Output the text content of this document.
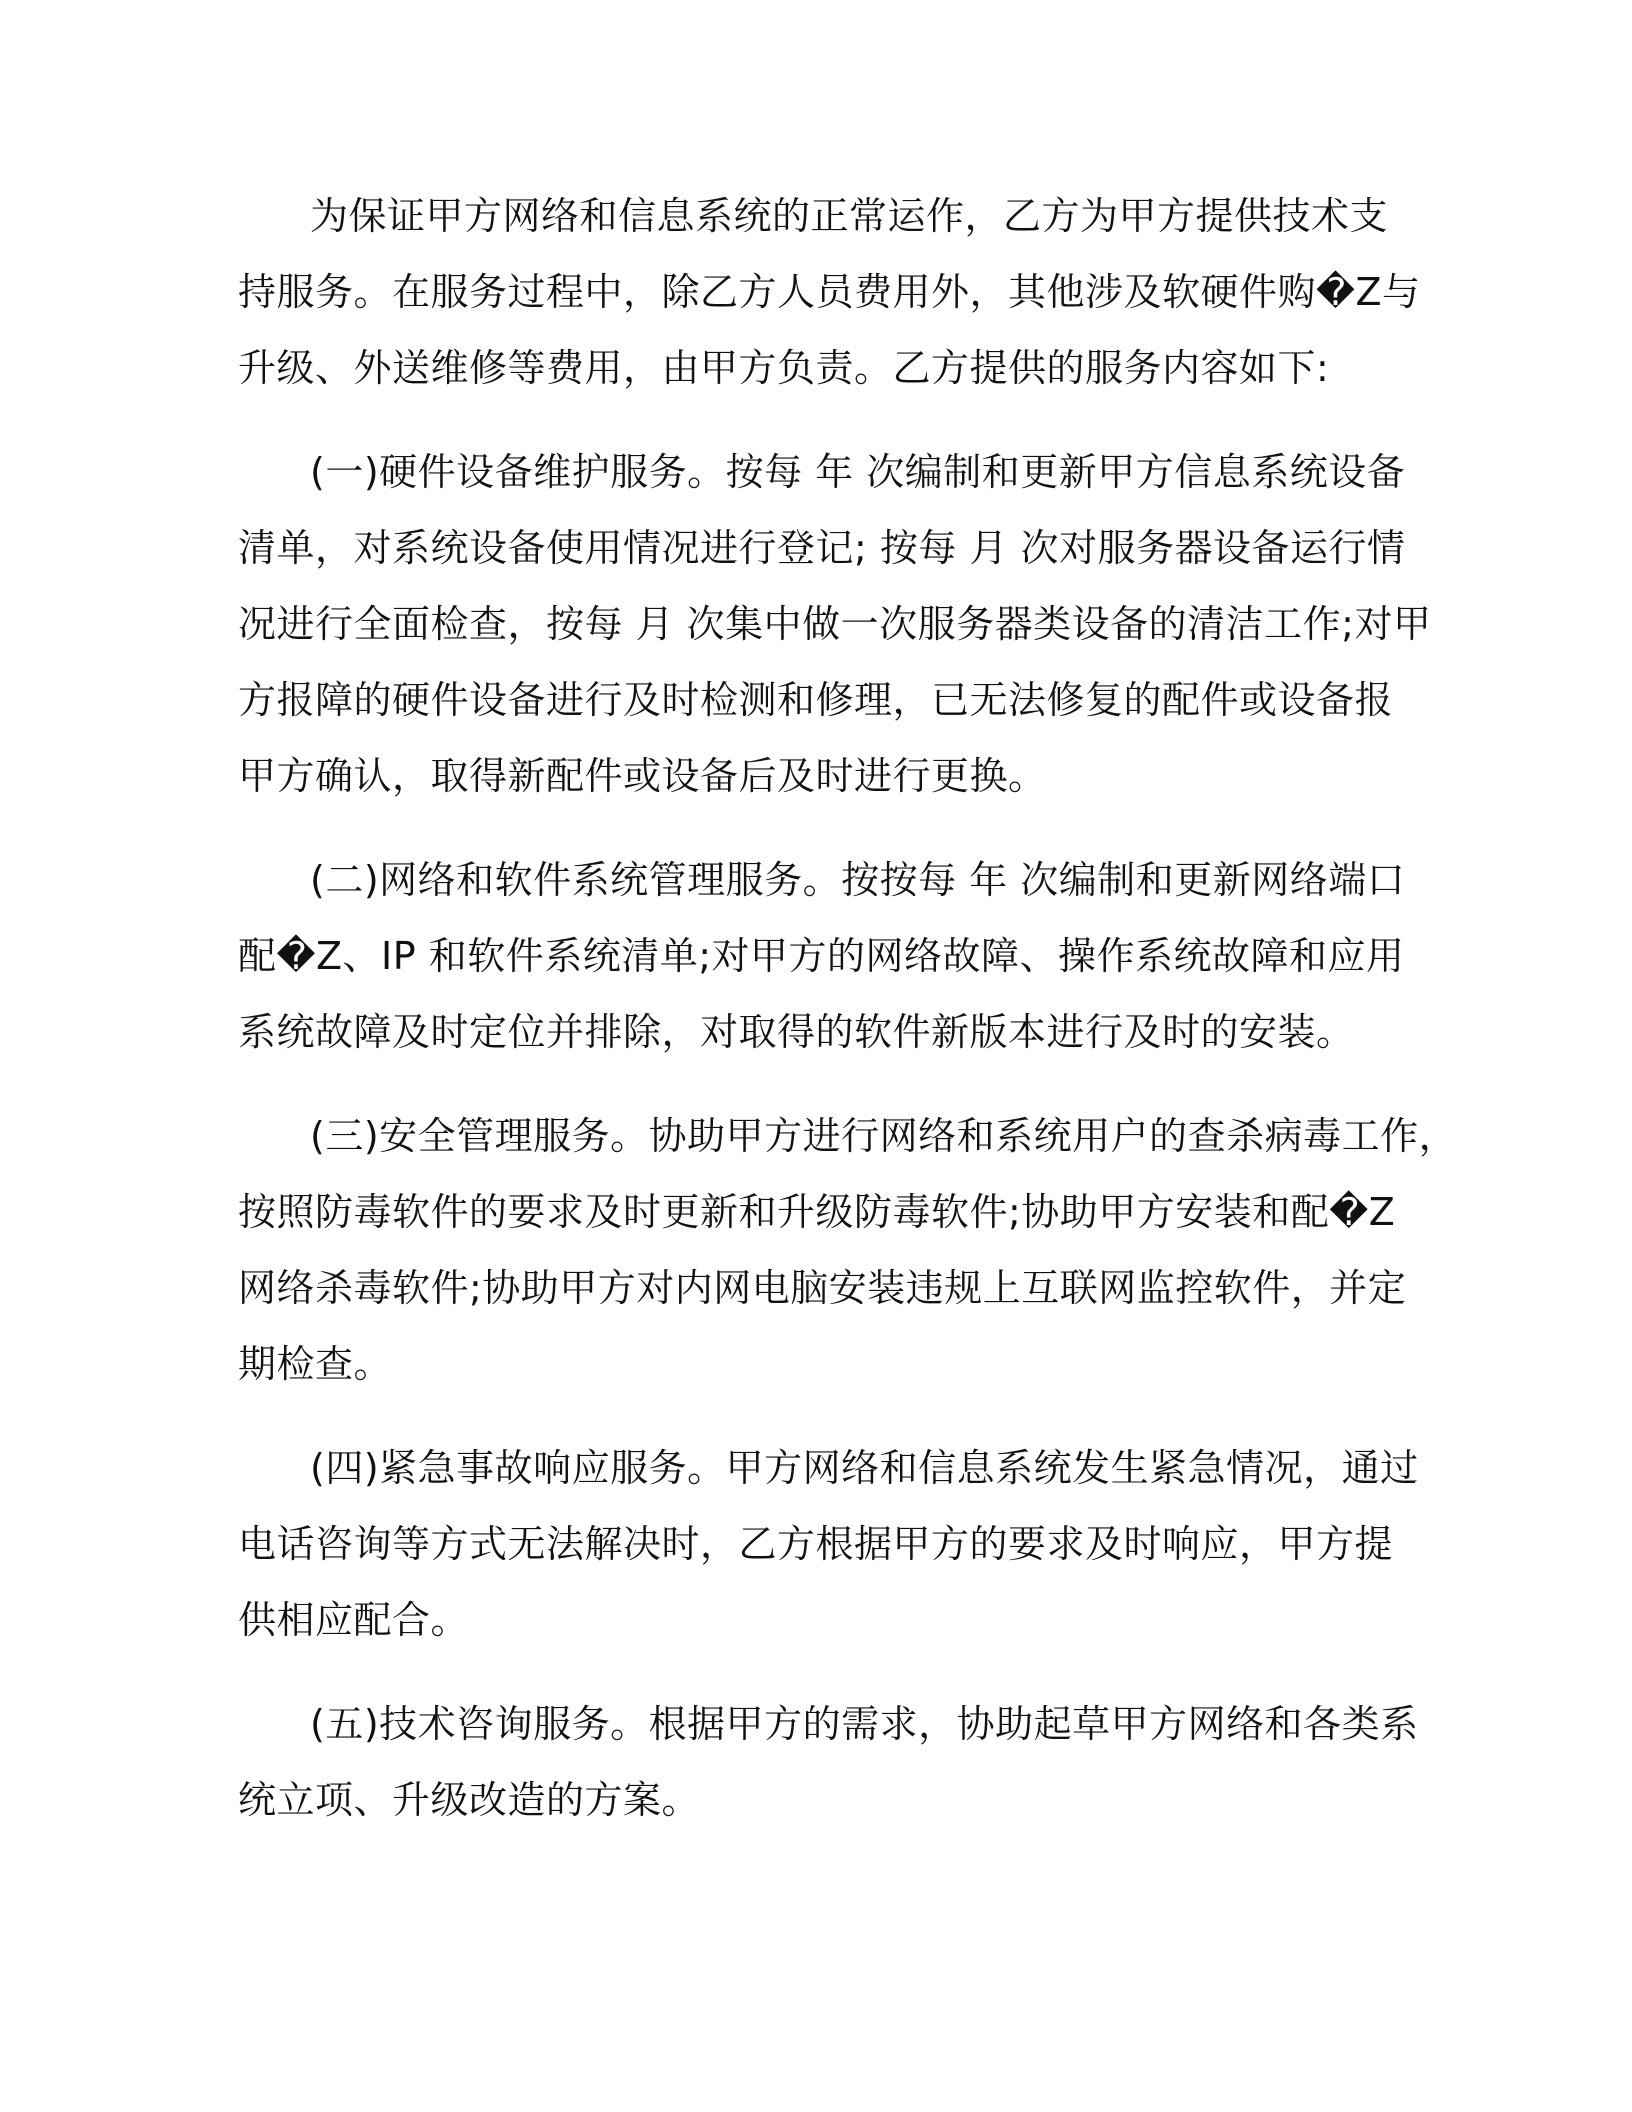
为保证甲方网络和信息系统的正常运作，乙方为甲方提供技术支
持服务。在服务过程中，除乙方人员费用外，其他涉及软硬件购�Z与
升级、外送维修等费用，由甲方负责。乙方提供的服务内容如下:
(一)硬件设备维护服务。按每 年 次编制和更新甲方信息系统设备
清单，对系统设备使用情况进行登记; 按每 月 次对服务器设备运行情
况进行全面检查，按每 月 次集中做一次服务器类设备的清洁工作;对甲
方报障的硬件设备进行及时检测和修理，已无法修复的配件或设备报
甲方确认，取得新配件或设备后及时进行更换。
(二)网络和软件系统管理服务。按按每 年 次编制和更新网络端口
配�Z、IP 和软件系统清单;对甲方的网络故障、操作系统故障和应用
系统故障及时定位并排除，对取得的软件新版本进行及时的安装。
(三)安全管理服务。协助甲方进行网络和系统用户的查杀病毒工作，
按照防毒软件的要求及时更新和升级防毒软件;协助甲方安装和配�Z
网络杀毒软件;协助甲方对内网电脑安装违规上互联网监控软件，并定
期检查。
(四)紧急事故响应服务。甲方网络和信息系统发生紧急情况，通过
电话咨询等方式无法解决时，乙方根据甲方的要求及时响应，甲方提
供相应配合。
(五)技术咨询服务。根据甲方的需求，协助起草甲方网络和各类系
统立项、升级改造的方案。
